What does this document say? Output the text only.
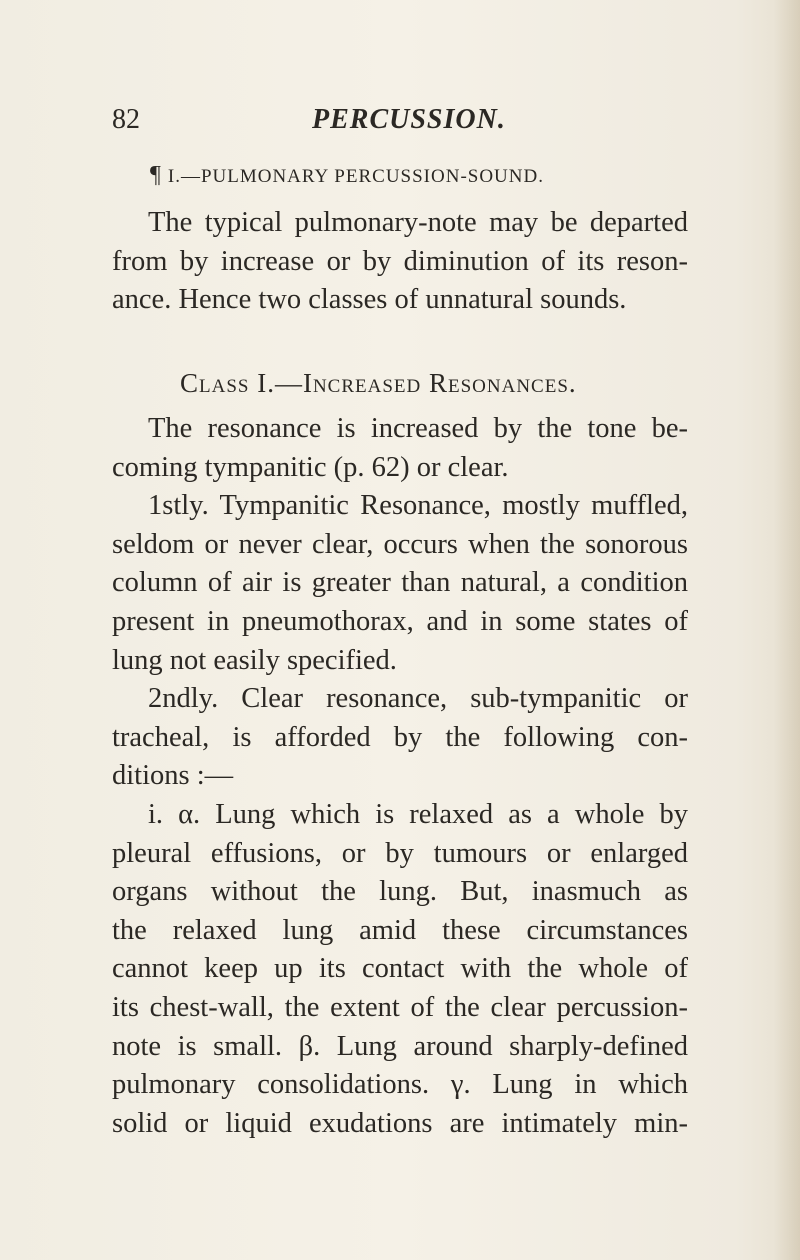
82	PERCUSSION.
¶ I.—PULMONARY PERCUSSION-SOUND.
The typical pulmonary-note may be departed
from by increase or by diminution of its reson-
ance. Hence two classes of unnatural sounds.
Class I.—Increased Resonances.
The resonance is increased by the tone be-
coming tympanitic (p. 62) or clear.
1stly. Tympanitic Resonance, mostly muffled,
seldom or never clear, occurs when the sonorous
column of air is greater than natural, a condition
present in pneumothorax, and in some states of
lung not easily specified.
2ndly. Clear resonance, sub-tympanitic or
tracheal, is afforded by the following con-
ditions :—
i. α. Lung which is relaxed as a whole by
pleural effusions, or by tumours or enlarged
organs without the lung. But, inasmuch as
the relaxed lung amid these circumstances
cannot keep up its contact with the whole of
its chest-wall, the extent of the clear percussion-
note is small. β. Lung around sharply-defined
pulmonary consolidations. γ. Lung in which
solid or liquid exudations are intimately min-
